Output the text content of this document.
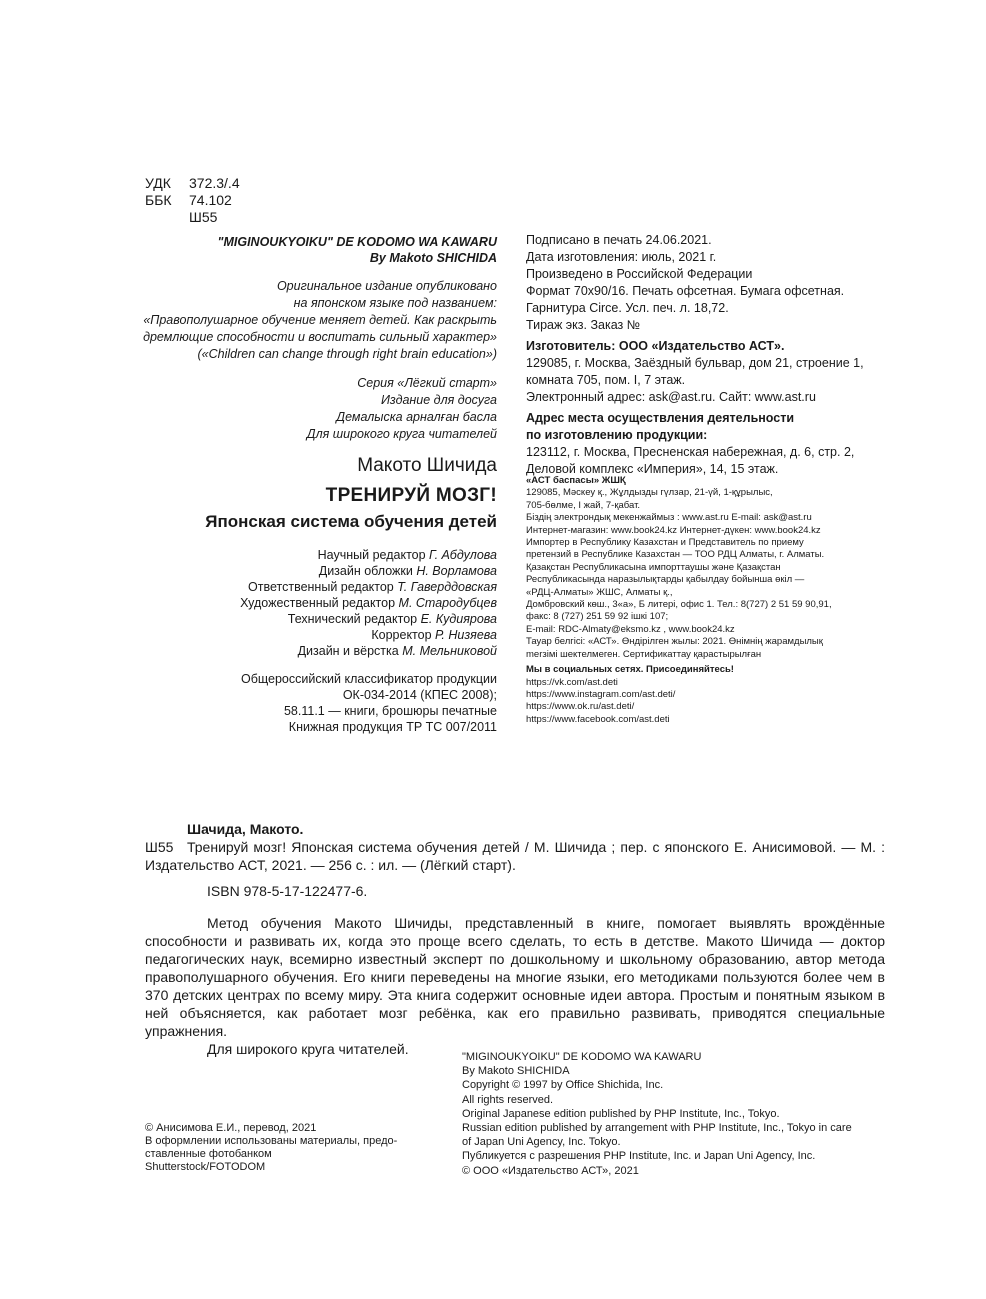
УДК 372.3/.4
ББК 74.102
Ш55
"MIGINOUKYOIKU" DE KODOMO WA KAWARU
By Makoto SHICHIDA
Оригинальное издание опубликовано
на японском языке под названием:
«Правополушарное обучение меняет детей. Как раскрыть
дремлющие способности и воспитать сильный характер»
(«Children can change through right brain education»)
Серия «Лёгкий старт»
Издание для досуга
Демалыска арналған басла
Для широкого круга читателей
Макото Шичида
ТРЕНИРУЙ МОЗГ!
Японская система обучения детей
Научный редактор Г. Абдулова
Дизайн обложки Н. Ворламова
Ответственный редактор Т. Гаверддовская
Художественный редактор М. Стародубцев
Технический редактор Е. Кудиярова
Корректор Р. Низяева
Дизайн и вёрстка М. Мельниковой
Общероссийский классификатор продукции
ОК-034-2014 (КПЕС 2008);
58.11.1 — книги, брошюры печатные
Книжная продукция ТР ТС 007/2011
Подписано в печать 24.06.2021.
Дата изготовления: июль, 2021 г.
Произведено в Российской Федерации
Формат 70x90/16. Печать офсетная. Бумага офсетная.
Гарнитура Circe. Усл. печ. л. 18,72.
Тираж экз. Заказ №
Изготовитель: ООО «Издательство АСТ».
129085, г. Москва, Заёздный бульвар, дом 21, строение 1,
комната 705, пом. I, 7 этаж.
Электронный адрес: ask@ast.ru. Сайт: www.ast.ru
Адрес места осуществления деятельности
по изготовлению продукции:
123112, г. Москва, Пресненская набережная, д. 6, стр. 2,
Деловой комплекс «Империя», 14, 15 этаж.
«АСТ баспасы» ЖШҚ
129085, Мәскеу қ., Жұлдызды гүлзар, 21-үй, 1-құрылыс,
705-бөлме, I жай, 7-қабат.
Біздің электрондық мекенжаймыз : www.ast.ru E-mail: ask@ast.ru
Интернет-магазин: www.book24.kz Интернет-дүкен: www.book24.kz
Импортер в Республику Казахстан и Представитель по приему
претензий в Республике Казахстан — ТОО РДЦ Алматы, г. Алматы.
Қазақстан Республикасына импорттаушы және Қазақстан
Республикасында наразылықтарды қабылдау бойынша өкіл —
«РДЦ-Алматы» ЖШС, Алматы қ.,
Домбровский көш., 3«а», Б литері, офис 1. Тел.: 8(727) 2 51 59 90,91,
факс: 8 (727) 251 59 92 ішкі 107;
E-mail: RDC-Almaty@eksmo.kz , www.book24.kz
Тауар белгісі: «АСТ». Өндірілген жылы: 2021. Өнімнің жарамдылық
merзімі шектелмеген. Сертификаттау қарастырылған
Мы в социальных сетях. Присоединяйтесь!
https://vk.com/ast.deti
https://www.instagram.com/ast.deti/
https://www.ok.ru/ast.deti/
https://www.facebook.com/ast.deti
Шачида, Макото.
Ш55 Тренируй мозг! Японская система обучения детей / М. Шичида ; пер. с японского Е. Анисимовой. — М. : Издательство АСТ, 2021. — 256 с. : ил. — (Лёгкий старт).
ISBN 978-5-17-122477-6.
Метод обучения Макото Шичиды, представленный в книге, помогает выявлять врождённые способности и развивать их, когда это проще всего сделать, то есть в детстве. Макото Шичида — доктор педагогических наук, всемирно известный эксперт по дошкольному и школьному образованию, автор метода правополушарного обучения. Его книги переведены на многие языки, его методиками пользуются более чем в 370 детских центрах по всему миру. Эта книга содержит основные идеи автора. Простым и понятным языком в ней объясняется, как работает мозг ребёнка, как его правильно развивать, приводятся специальные упражнения.
Для широкого круга читателей.	"MIGINOUKYOIKU" DE KODOMO WA KAWARU
By Makoto SHICHIDA
Copyright © 1997 by Office Shichida, Inc.
All rights reserved.
Original Japanese edition published by PHP Institute, Inc., Tokyo.
Russian edition published by arrangement with PHP Institute, Inc., Tokyo in care
of Japan Uni Agency, Inc. Tokyo.
Публикуется с разрешения PHP Institute, Inc. и Japan Uni Agency, Inc.
© ООО «Издательство АСТ», 2021
© Анисимова Е.И., перевод, 2021
В оформлении использованы материалы, предо-
ставленные фотобанком
Shutterstock/FOTODOM
